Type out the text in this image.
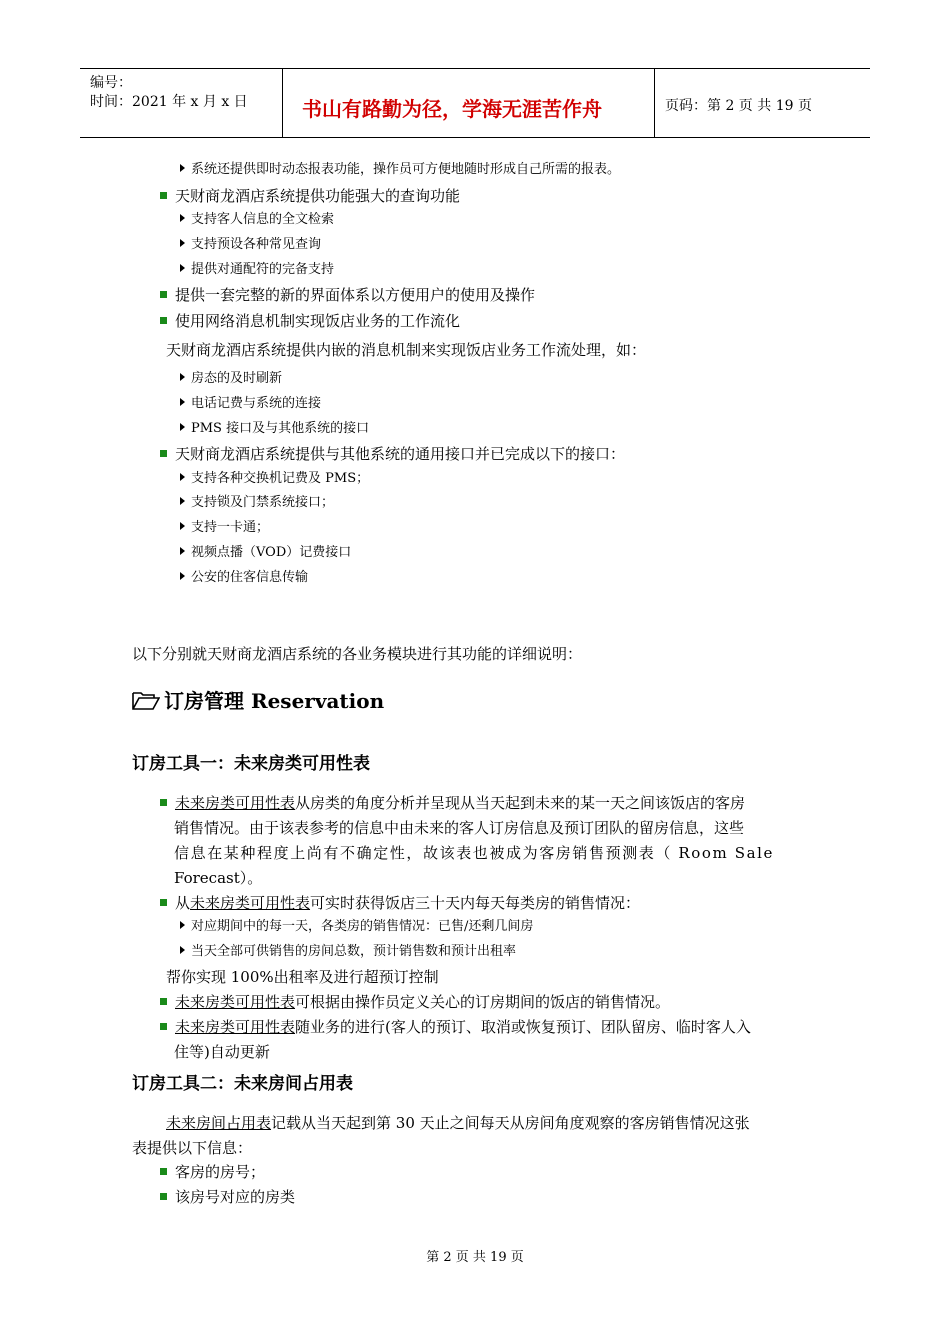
编号：
时间：2021 年 x 月 x 日	书山有路勤为径，学海无涯苦作舟	页码：第 2 页 共 19 页
系统还提供即时动态报表功能，操作员可方便地随时形成自己所需的报表。
天财商龙酒店系统提供功能强大的查询功能
支持客人信息的全文检索
支持预设各种常见查询
提供对通配符的完备支持
提供一套完整的新的界面体系以方便用户的使用及操作
使用网络消息机制实现饭店业务的工作流化
天财商龙酒店系统提供内嵌的消息机制来实现饭店业务工作流处理，如：
房态的及时刷新
电话记费与系统的连接
PMS 接口及与其他系统的接口
天财商龙酒店系统提供与其他系统的通用接口并已完成以下的接口：
支持各种交换机记费及 PMS；
支持锁及门禁系统接口；
支持一卡通；
视频点播（VOD）记费接口
公安的住客信息传输
以下分别就天财商龙酒店系统的各业务模块进行其功能的详细说明：
订房管理 Reservation
订房工具一：未来房类可用性表
未来房类可用性表从房类的角度分析并呈现从当天起到未来的某一天之间该饭店的客房
销售情况。由于该表参考的信息中由未来的客人订房信息及预订团队的留房信息，这些
信息在某种程度上尚有不确定性，故该表也被成为客房销售预测表（ Room Sale
Forecast）。
从未来房类可用性表可实时获得饭店三十天内每天每类房的销售情况：
对应期间中的每一天，各类房的销售情况：已售/还剩几间房
当天全部可供销售的房间总数，预计销售数和预计出租率
帮你实现 100%出租率及进行超预订控制
未来房类可用性表可根据由操作员定义关心的订房期间的饭店的销售情况。
未来房类可用性表随业务的进行(客人的预订、取消或恢复预订、团队留房、临时客人入
住等)自动更新
订房工具二：未来房间占用表
未来房间占用表记载从当天起到第 30 天止之间每天从房间角度观察的客房销售情况这张
表提供以下信息：
客房的房号；
该房号对应的房类
第 2 页 共 19 页
